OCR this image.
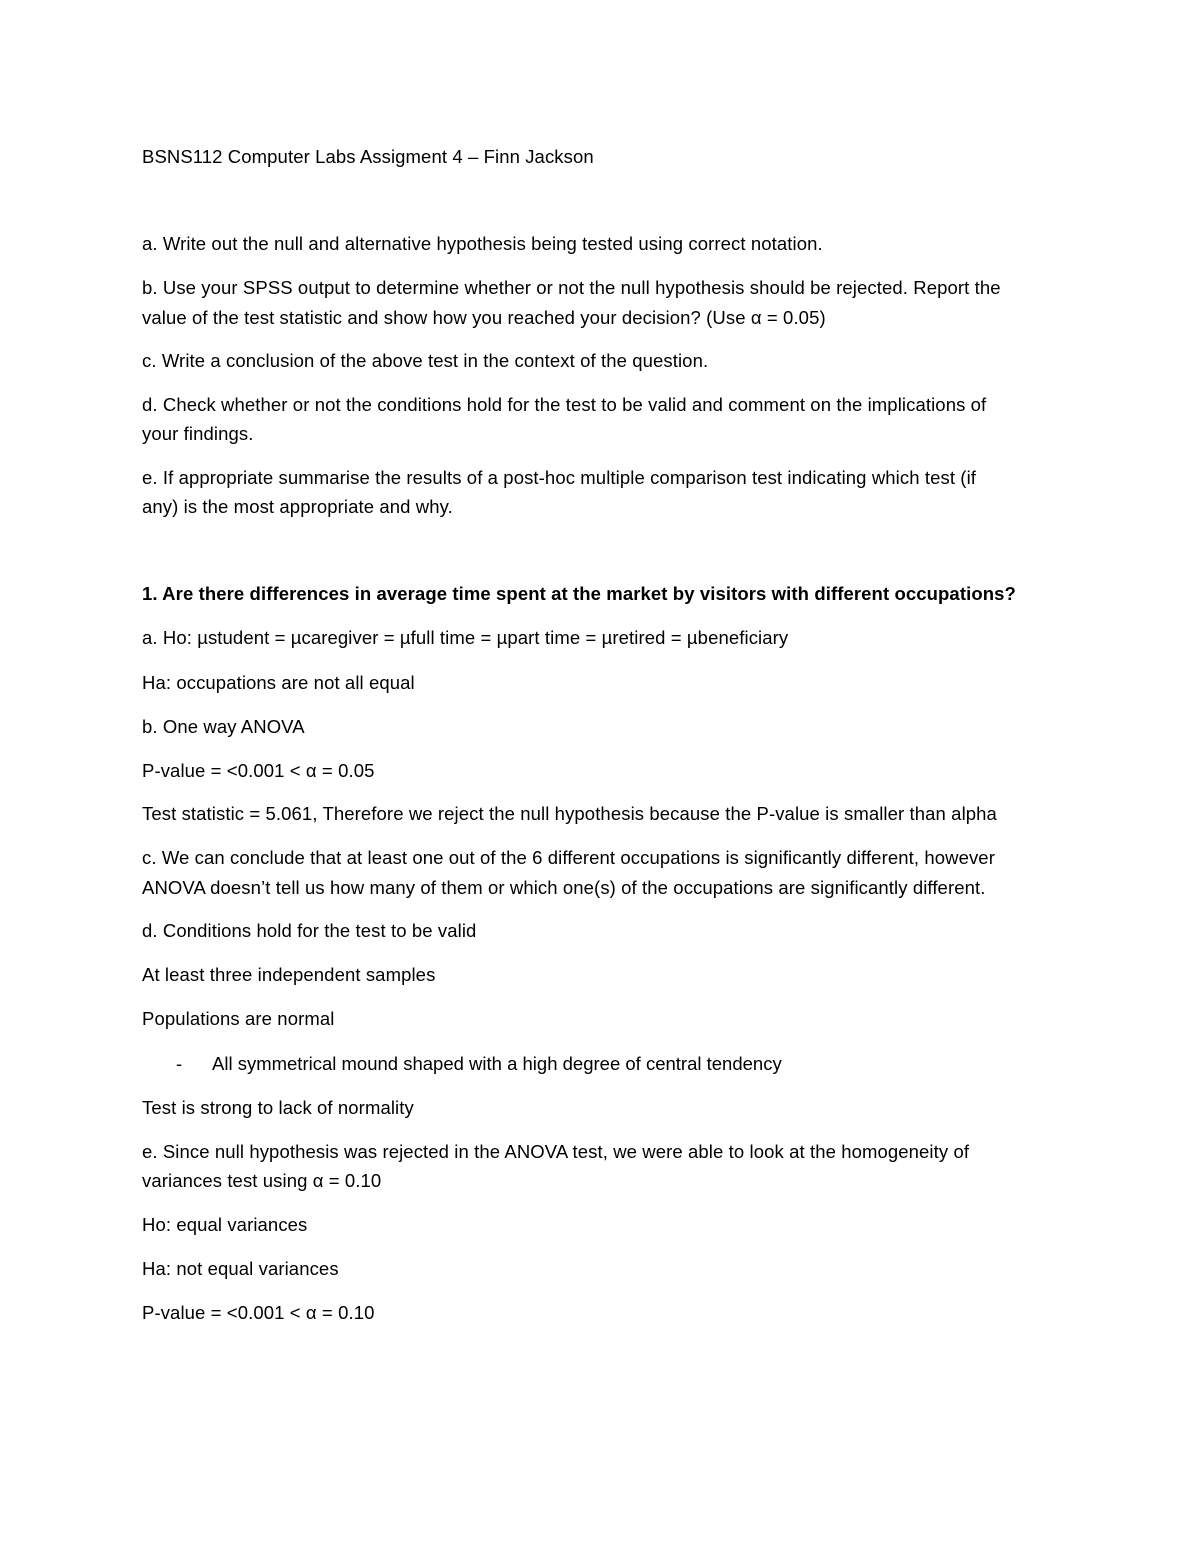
BSNS112 Computer Labs Assigment 4 – Finn Jackson

a. Write out the null and alternative hypothesis being tested using correct notation.

b. Use your SPSS output to determine whether or not the null hypothesis should be rejected. Report the

value of the test statistic and show how you reached your decision? (Use α = 0.05)

c. Write a conclusion of the above test in the context of the question.

d. Check whether or not the conditions hold for the test to be valid and comment on the implications of

your findings.

e. If appropriate summarise the results of a post-hoc multiple comparison test indicating which test (if

any) is the most appropriate and why.

1. Are there differences in average time spent at the market by visitors with different occupations?

a. Ho: µstudent = µcaregiver = µfull time = µpart time = µretired = µbeneficiary

Ha: occupations are not all equal

b. One way ANOVA

P-value = <0.001 < α = 0.05

Test statistic = 5.061, Therefore we reject the null hypothesis because the P-value is smaller than alpha

c. We can conclude that at least one out of the 6 different occupations is significantly different, however

ANOVA doesn’t tell us how many of them or which one(s) of the occupations are significantly different.

d. Conditions hold for the test to be valid

At least three independent samples

Populations are normal

- All symmetrical mound shaped with a high degree of central tendency

Test is strong to lack of normality

e. Since null hypothesis was rejected in the ANOVA test, we were able to look at the homogeneity of

variances test using α = 0.10

Ho: equal variances

Ha: not equal variances

P-value = <0.001 < α = 0.10
